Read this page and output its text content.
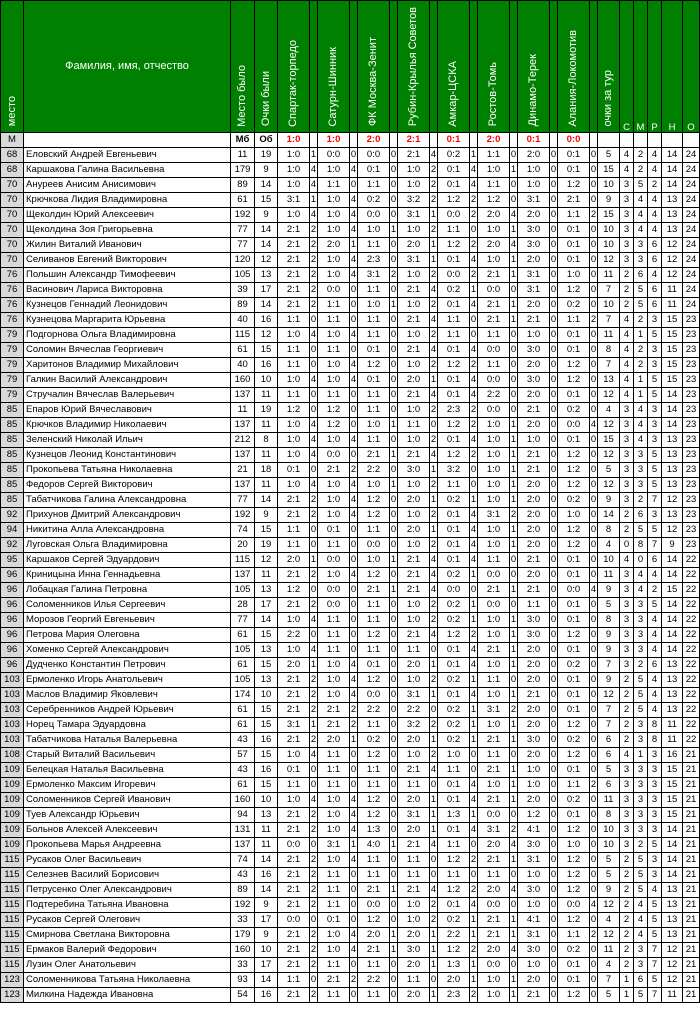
место	Фамилия, имя, отчество	Место было	Очки были	Спартак-торпедо		Сатурн-Шинник		ФК Москва-Зенит		Рубин-Крылья Советов		Амкар-ЦСКА		Ростов-Томь		Динамо-Терек		Алания-Локомотив		очки за тур	С	М	Р	Н	О
М		Мб	Об	1:0		1:0		2:0		2:1		0:1		2:0		0:1		0:0							
68	Еловский Андрей Евгеньевич	11	19	1:0	1	0:0	0	0:0	0	2:1	4	0:2	1	1:1	0	2:0	0	0:1	0	5	4	2	4	14	24
68	Каршакова Галина Васильевна	179	9	1:0	4	1:0	4	0:1	0	1:0	2	0:1	4	1:0	1	1:0	0	0:1	0	15	4	2	4	14	24
70	Ануреев Анисим Анисимович	89	14	1:0	4	1:1	0	1:1	0	1:0	2	0:1	4	1:1	0	1:0	0	1:2	0	10	3	5	2	14	24
70	Крючкова Лидия Владимировна	61	15	3:1	1	1:0	4	0:2	0	3:2	2	1:2	2	1:2	0	3:1	0	2:1	0	9	3	4	4	13	24
70	Щеколдин Юрий Алексеевич	192	9	1:0	4	1:0	4	0:0	0	3:1	1	0:0	2	2:0	4	2:0	0	1:1	2	15	3	4	4	13	24
70	Щеколдина Зоя Григорьевна	77	14	2:1	2	1:0	4	1:0	1	1:0	2	1:1	0	1:0	1	3:0	0	0:1	0	10	3	4	4	13	24
70	Жилин Виталий Иванович	77	14	2:1	2	2:0	1	1:1	0	2:0	1	1:2	2	2:0	4	3:0	0	0:1	0	10	3	3	6	12	24
70	Селиванов Евгений Викторович	120	12	2:1	2	1:0	4	2:3	0	3:1	1	0:1	4	1:0	1	2:0	0	0:1	0	12	3	3	6	12	24
76	Польшин Александр Тимофеевич	105	13	2:1	2	1:0	4	3:1	2	1:0	2	0:0	2	2:1	1	3:1	0	1:0	0	11	2	6	4	12	24
76	Васинович Лариса Викторовна	39	17	2:1	2	0:0	0	1:1	0	2:1	4	0:2	1	0:0	0	3:1	0	1:2	0	7	2	5	6	11	24
76	Кузнецов Геннадий Леонидович	89	14	2:1	2	1:1	0	1:0	1	1:0	2	0:1	4	2:1	1	2:0	0	0:2	0	10	2	5	6	11	24
76	Кузнецова Маргарита Юрьевна	40	16	1:1	0	1:1	0	1:1	0	2:1	4	1:1	0	2:1	1	2:1	0	1:1	2	7	4	2	3	15	23
79	Подгорнова Ольга Владимировна	115	12	1:0	4	1:0	4	1:1	0	1:0	2	1:1	0	1:1	0	1:0	0	0:1	0	11	4	1	5	15	23
79	Соломин Вячеслав Георгиевич	61	15	1:1	0	1:1	0	0:1	0	2:1	4	0:1	4	0:0	0	3:0	0	0:1	0	8	4	2	3	15	23
79	Харитонов Владимир Михайлович	40	16	1:1	0	1:0	4	1:2	0	1:0	2	1:2	2	1:1	0	2:0	0	1:2	0	7	4	2	3	15	23
79	Галкин Василий Александрович	160	10	1:0	4	1:0	4	0:1	0	2:0	1	0:1	4	0:0	0	3:0	0	1:2	0	13	4	1	5	15	23
79	Стручалин Вячеслав Валерьевич	137	11	1:1	0	1:1	0	1:1	0	2:1	4	0:1	4	2:2	0	2:0	0	0:1	0	12	4	1	5	14	23
85	Епаров Юрий Вячеславович	11	19	1:2	0	1:2	0	1:1	0	1:0	2	2:3	2	0:0	0	2:1	0	0:2	0	4	3	4	3	14	23
85	Крючков Владимир Николаевич	137	11	1:0	4	1:2	0	1:0	1	1:1	0	1:2	2	1:0	1	2:0	0	0:0	4	12	3	4	3	14	23
85	Зеленский Николай Ильич	212	8	1:0	4	1:0	4	1:1	0	1:0	2	0:1	4	1:0	1	1:0	0	0:1	0	15	3	4	3	13	23
85	Кузнецов Леонид Константинович	137	11	1:0	4	0:0	0	2:1	1	2:1	4	1:2	2	1:0	1	2:1	0	1:2	0	12	3	3	5	13	23
85	Прокопьева Татьяна Николаевна	21	18	0:1	0	2:1	2	2:2	0	3:0	1	3:2	0	1:0	1	2:1	0	1:2	0	5	3	3	5	13	23
85	Федоров Сергей Викторович	137	11	1:0	4	1:0	4	1:0	1	1:0	2	1:1	0	1:0	1	2:0	0	1:2	0	12	3	3	5	13	23
85	Табатчикова Галина Александровна	77	14	2:1	2	1:0	4	1:2	0	2:0	1	0:2	1	1:0	1	2:0	0	0:2	0	9	3	2	7	12	23
92	Прихунов Дмитрий Александрович	192	9	2:1	2	1:0	4	1:2	0	1:0	2	0:1	4	3:1	2	2:0	0	1:0	0	14	2	6	3	13	23
94	Никитина Алла Александровна	74	15	1:1	0	0:1	0	1:1	0	2:0	1	0:1	4	1:0	1	2:0	0	1:2	0	8	2	5	5	12	23
92	Луговская Ольга Владимировна	20	19	1:1	0	1:1	0	0:0	0	1:0	2	0:1	4	1:0	1	2:0	0	1:2	0	4	0	8	7	9	23
95	Каршаков Сергей Эдуардович	115	12	2:0	1	0:0	0	1:0	1	2:1	4	0:1	4	1:1	0	2:1	0	0:1	0	10	4	0	6	14	22
96	Криницына Инна Геннадьевна	137	11	2:1	2	1:0	4	1:2	0	2:1	4	0:2	1	0:0	0	2:0	0	0:1	0	11	3	4	4	14	22
96	Лобацкая Галина Петровна	105	13	1:2	0	0:0	0	2:1	1	2:1	4	0:0	0	2:1	1	2:1	0	0:0	4	9	3	4	2	15	22
96	Соломенников Илья Сергеевич	28	17	2:1	2	0:0	0	1:1	0	1:0	2	0:2	1	0:0	0	1:1	0	0:1	0	5	3	3	5	14	22
96	Морозов Георгий Евгеньевич	77	14	1:0	4	1:1	0	1:1	0	1:0	2	0:2	1	1:0	1	3:0	0	0:1	0	8	3	3	4	14	22
96	Петрова Мария Олеговна	61	15	2:2	0	1:1	0	1:2	0	2:1	4	1:2	2	1:0	1	3:0	0	1:2	0	9	3	3	4	14	22
96	Хоменко Сергей Александрович	105	13	1:0	4	1:1	0	1:1	0	1:1	0	0:1	4	2:1	1	2:0	0	0:1	0	9	3	3	4	14	22
96	Дудченко Константин Петрович	61	15	2:0	1	1:0	4	0:1	0	2:0	1	0:1	4	1:0	1	2:0	0	0:2	0	7	3	2	6	13	22
103	Ермоленко Игорь Анатольевич	105	13	2:1	2	1:0	4	1:2	0	1:0	2	0:2	1	1:1	0	2:0	0	0:1	0	9	2	5	4	13	22
103	Маслов Владимир Яковлевич	174	10	2:1	2	1:0	4	0:0	0	3:1	1	0:1	4	1:0	1	2:1	0	0:1	0	12	2	5	4	13	22
103	Серебренников Андрей Юрьевич	61	15	2:1	2	2:1	2	2:2	0	2:2	0	0:2	1	3:1	2	2:0	0	0:1	0	7	2	5	4	13	22
103	Норец Тамара Эдуардовна	61	15	3:1	1	2:1	2	1:1	0	3:2	2	0:2	1	1:0	1	2:0	0	1:2	0	7	2	3	8	11	22
103	Табатчикова Наталья Валерьевна	43	16	2:1	2	2:0	1	0:2	0	2:0	1	0:2	1	2:1	1	3:0	0	0:2	0	6	2	3	8	11	22
108	Старый Виталий Васильевич	57	15	1:0	4	1:1	0	1:2	0	1:0	2	1:0	0	1:1	0	2:0	0	1:2	0	6	4	1	3	16	21
109	Белецкая Наталья Васильевна	43	16	0:1	0	1:1	0	1:1	0	2:1	4	1:1	0	2:1	1	1:0	0	0:1	0	5	3	3	3	15	21
109	Ермоленко Максим Игоревич	61	15	1:1	0	1:1	0	1:1	0	1:1	0	0:1	4	1:0	1	1:0	0	1:1	2	6	3	3	3	15	21
109	Соломенников Сергей Иванович	160	10	1:0	4	1:0	4	1:2	0	2:0	1	0:1	4	2:1	1	2:0	0	0:2	0	11	3	3	3	15	21
109	Туев Александр Юрьевич	94	13	2:1	2	1:0	4	1:2	0	3:1	1	1:3	1	0:0	0	1:2	0	0:1	0	8	3	3	3	15	21
109	Больнов Алексей Алексеевич	131	11	2:1	2	1:0	4	1:3	0	2:0	1	0:1	4	3:1	2	4:1	0	1:2	0	10	3	3	3	14	21
109	Прокопьева Марья Андреевна	137	11	0:0	0	3:1	1	4:0	1	2:1	4	1:1	0	2:0	4	3:0	0	1:0	0	10	3	2	5	14	21
115	Русаков Олег Васильевич	74	14	2:1	2	1:0	4	1:1	0	1:1	0	1:2	2	2:1	1	3:1	0	1:2	0	5	2	5	3	14	21
115	Селезнев Василий Борисович	43	16	2:1	2	1:1	0	1:1	0	1:1	0	1:1	0	1:1	0	1:0	0	1:2	0	5	2	5	3	14	21
115	Петрусенко Олег Александрович	89	14	2:1	2	1:1	0	2:1	1	2:1	4	1:2	2	2:0	4	3:0	0	1:2	0	9	2	5	4	13	21
115	Подтеребина Татьяна Ивановна	192	9	2:1	2	1:1	0	0:0	0	1:0	2	0:1	4	0:0	0	1:0	0	0:0	4	12	2	4	5	13	21
115	Русаков Сергей Олегович	33	17	0:0	0	0:1	0	1:2	0	1:0	2	0:2	1	2:1	1	4:1	0	1:2	0	4	2	4	5	13	21
115	Смирнова Светлана Викторовна	179	9	2:1	2	1:0	4	2:0	1	2:0	1	2:2	1	2:1	1	3:1	0	1:1	2	12	2	4	5	13	21
115	Ермаков Валерий Федорович	160	10	2:1	2	1:0	4	2:1	1	3:0	1	1:2	2	2:0	4	3:0	0	0:2	0	11	2	3	7	12	21
115	Лузин Олег Анатольевич	33	17	2:1	2	1:1	0	1:1	0	2:0	1	1:3	1	0:0	0	1:0	0	0:1	0	4	2	3	7	12	21
123	Соломенникова Татьяна Николаевна	93	14	1:1	0	2:1	2	2:2	0	1:1	0	2:0	1	1:0	1	2:0	0	0:1	0	7	1	6	5	12	21
123	Милкина Надежда Ивановна	54	16	2:1	2	1:1	0	1:1	0	2:0	1	2:3	2	1:0	1	2:1	0	1:2	0	5	1	5	7	11	21
